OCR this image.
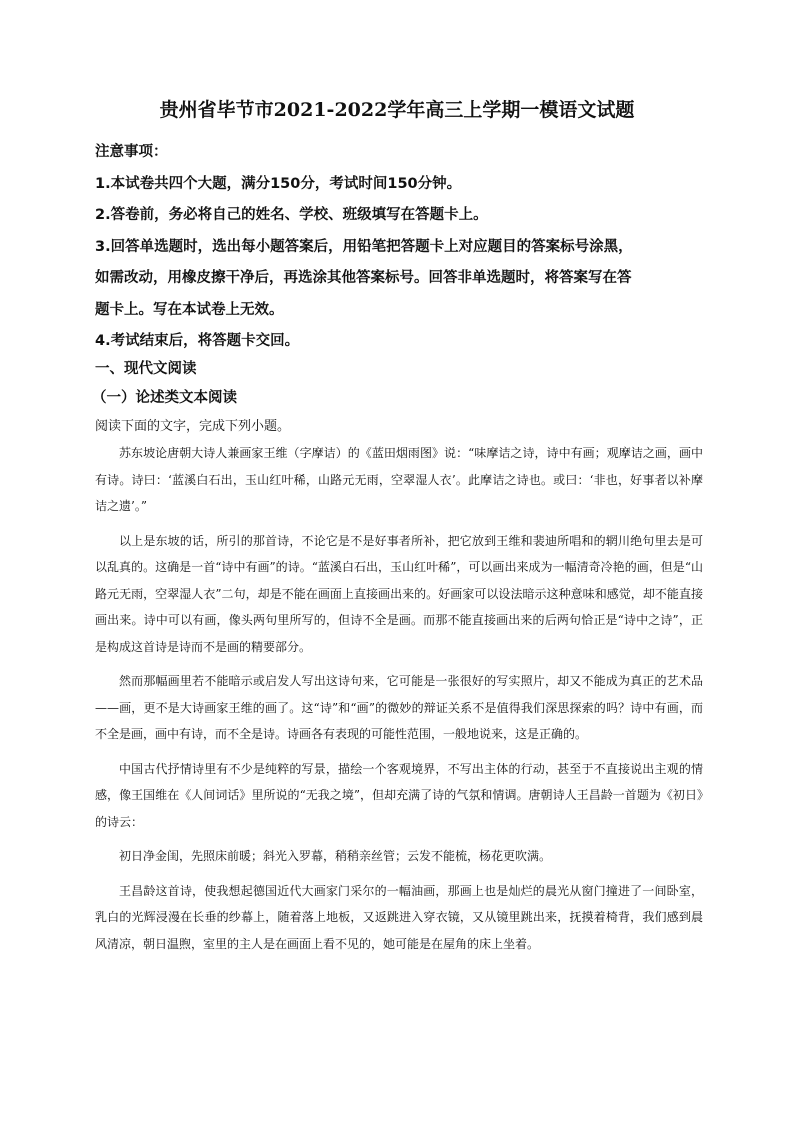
贵州省毕节市2021-2022学年高三上学期一模语文试题
注意事项：
1.本试卷共四个大题，满分150分，考试时间150分钟。
2.答卷前，务必将自己的姓名、学校、班级填写在答题卡上。
3.回答单选题时，选出每小题答案后，用铅笔把答题卡上对应题目的答案标号涂黑，
如需改动，用橡皮擦干净后，再选涂其他答案标号。回答非单选题时，将答案写在答
题卡上。写在本试卷上无效。
4.考试结束后，将答题卡交回。
一、现代文阅读
（一）论述类文本阅读
阅读下面的文字，完成下列小题。

苏东坡论唐朝大诗人兼画家王维（字摩诘）的《蓝田烟雨图》说：“味摩诘之诗，诗中有画；观摩诘之画，画中有诗。诗曰：‘蓝溪白石出，玉山红叶稀，山路元无雨，空翠湿人衣’。此摩诘之诗也。或曰：‘非也，好事者以补摩诘之遗’。”

以上是东坡的话，所引的那首诗，不论它是不是好事者所补，把它放到王维和裴迪所唱和的辋川绝句里去是可以乱真的。这确是一首“诗中有画”的诗。“蓝溪白石出，玉山红叶稀”，可以画出来成为一幅清奇冷艳的画，但是“山路元无雨，空翠湿人衣”二句，却是不能在画面上直接画出来的。好画家可以设法暗示这种意味和感觉，却不能直接画出来。诗中可以有画，像头两句里所写的，但诗不全是画。而那不能直接画出来的后两句恰正是“诗中之诗”，正是构成这首诗是诗而不是画的精要部分。

然而那幅画里若不能暗示或启发人写出这诗句来，它可能是一张很好的写实照片，却又不能成为真正的艺术品——画，更不是大诗画家王维的画了。这“诗”和“画”的微妙的辩证关系不是值得我们深思探索的吗？诗中有画，而不全是画，画中有诗，而不全是诗。诗画各有表现的可能性范围，一般地说来，这是正确的。

中国古代抒情诗里有不少是纯粹的写景，描绘一个客观境界，不写出主体的行动，甚至于不直接说出主观的情感，像王国维在《人间词话》里所说的“无我之境”，但却充满了诗的气氛和情调。唐朝诗人王昌龄一首题为《初日》的诗云：

初日净金闺，先照床前暖；斜光入罗幕，稍稍亲丝管；云发不能梳，杨花更吹满。

王昌龄这首诗，使我想起德国近代大画家门采尔的一幅油画，那画上也是灿烂的晨光从窗门撞进了一间卧室，乳白的光辉浸漫在长垂的纱幕上，随着落上地板，又返跳进入穿衣镜，又从镜里跳出来，抚摸着椅背，我们感到晨风清凉，朝日温煦，室里的主人是在画面上看不见的，她可能是在屋角的床上坐着。
